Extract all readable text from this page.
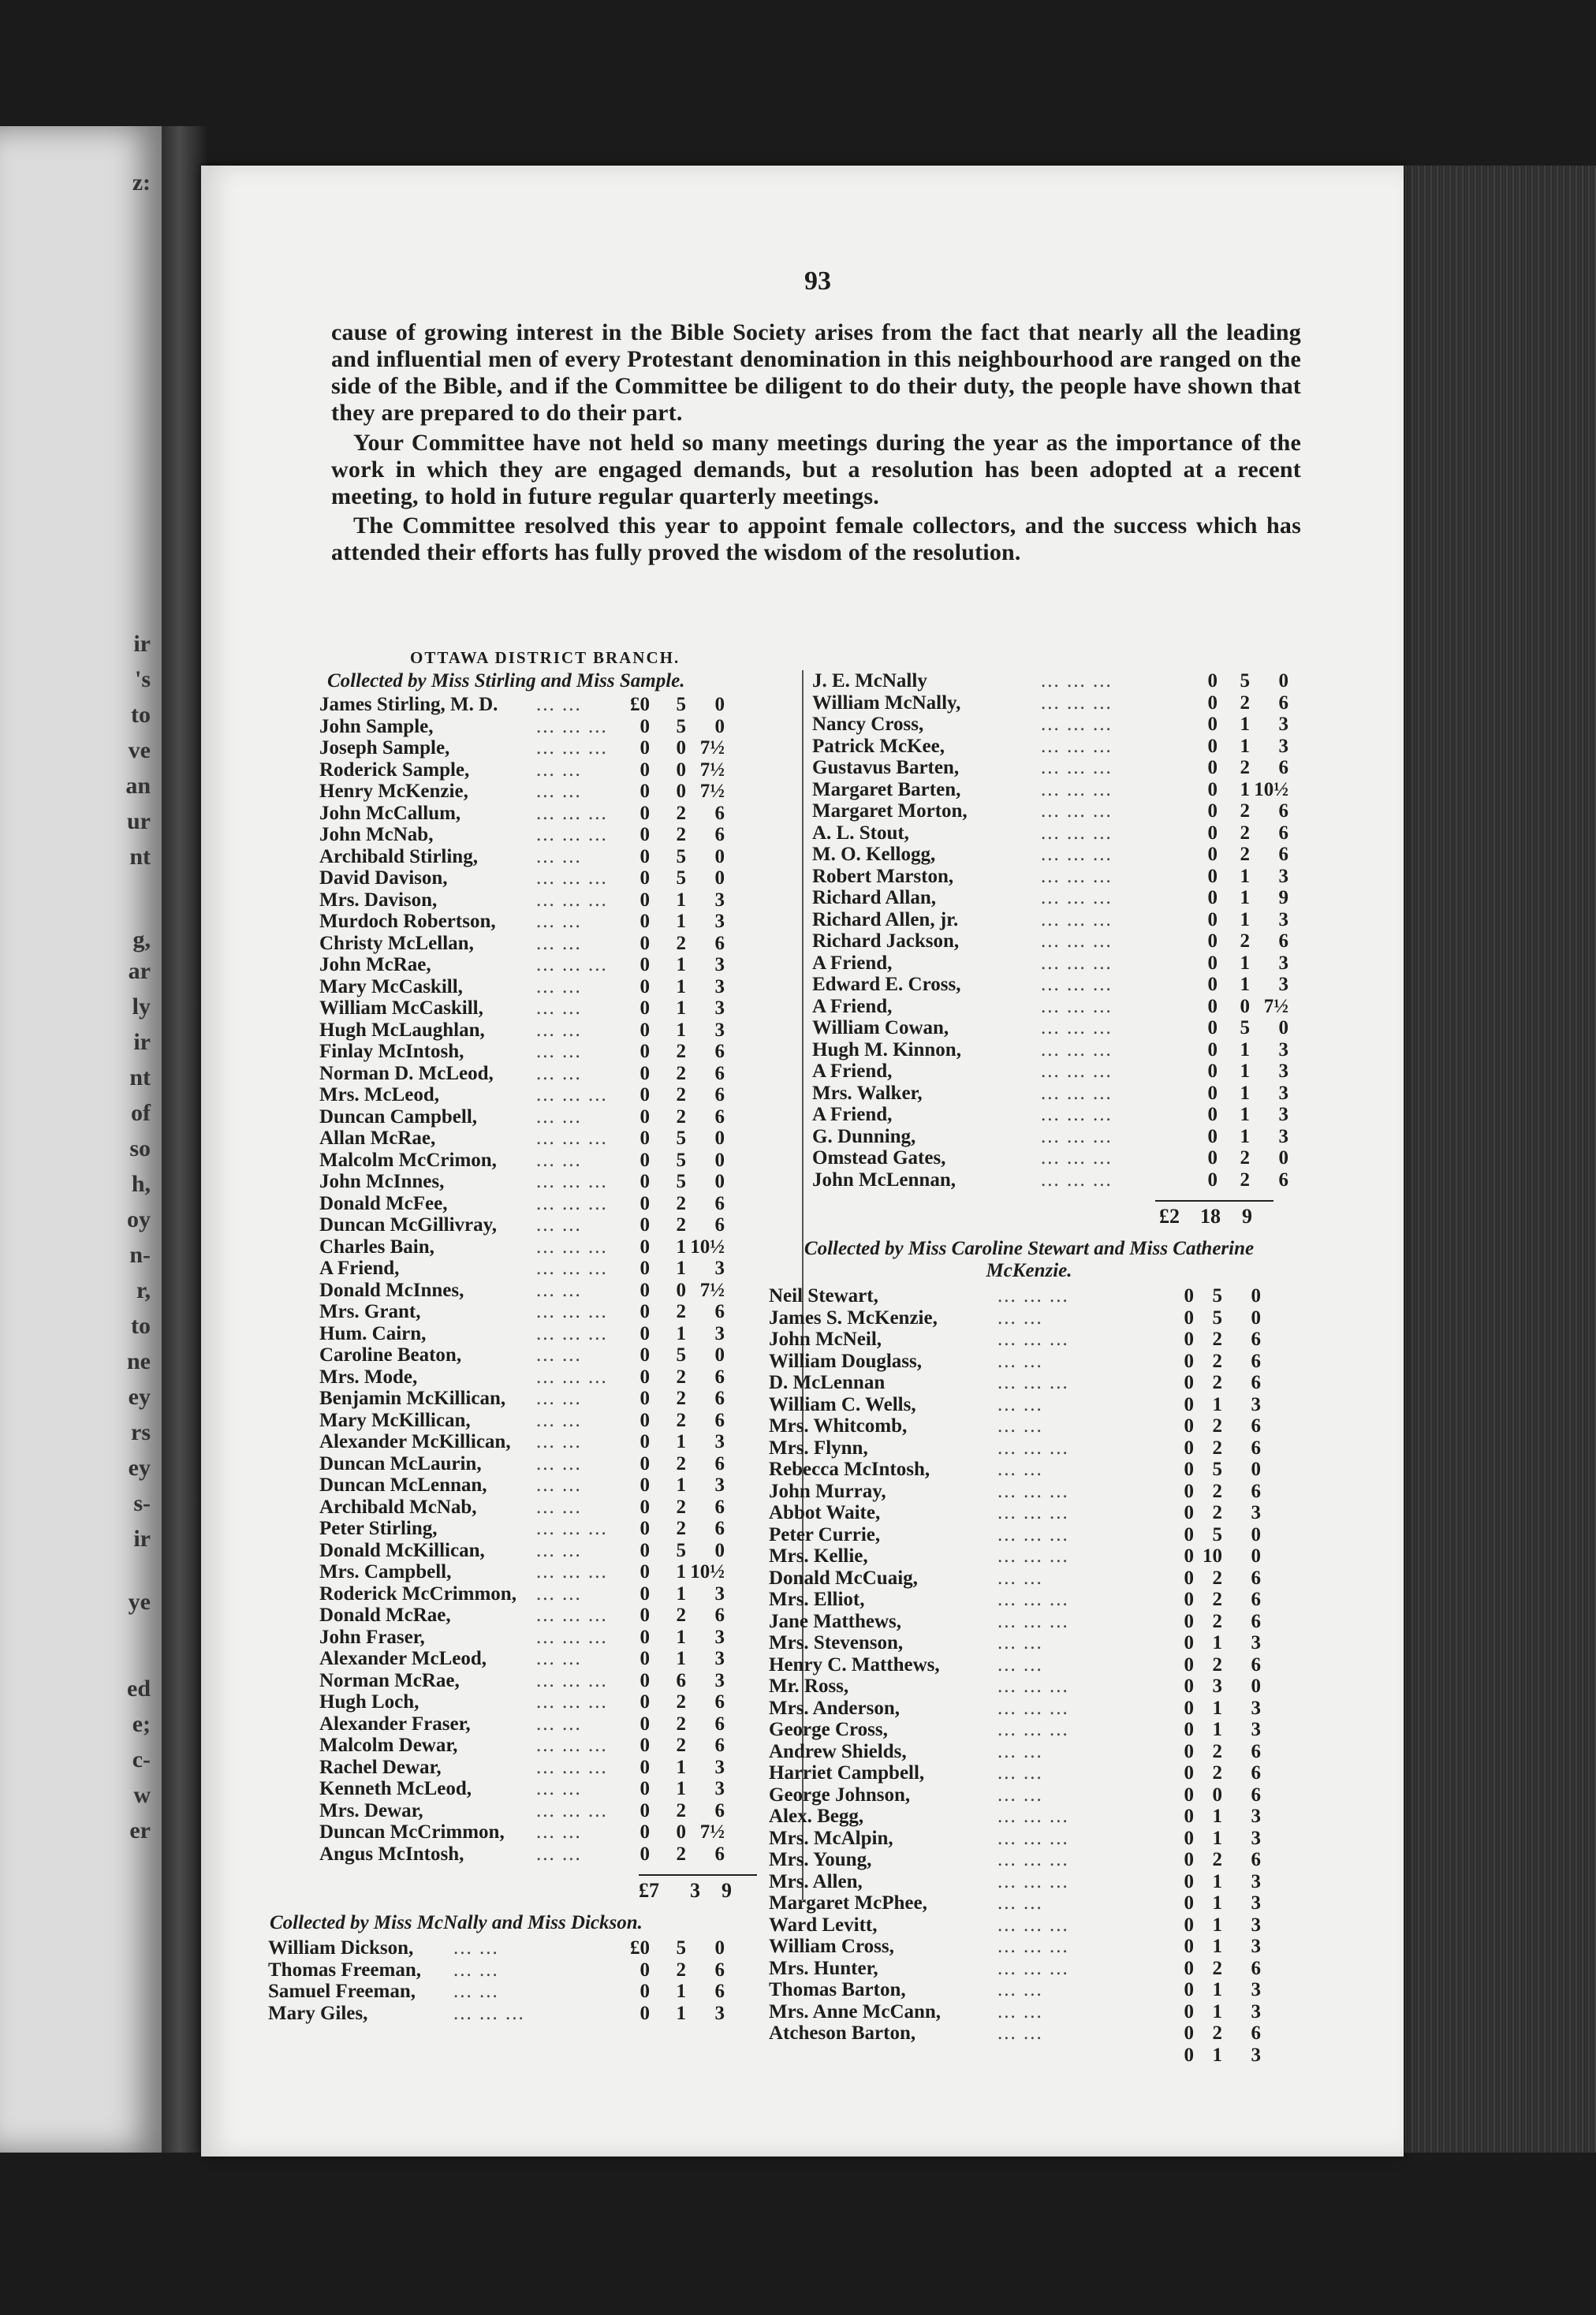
z:
ir
's
to
ve
an
ur
nt
g,
ar
ly
ir
nt
of
so
h,
oy
n-
r,
to
ne
ey
rs
ey
s-
ir
ye
ed
e;
c-
w
er
93
cause of growing interest in the Bible Society arises from the fact that nearly all the leading and influential men of every Protestant denomination in this neighbourhood are ranged on the side of the Bible, and if the Committee be diligent to do their duty, the people have shown that they are prepared to do their part.
Your Committee have not held so many meetings during the year as the importance of the work in which they are engaged demands, but a resolution has been adopted at a recent meeting, to hold in future regular quarterly meetings.
The Committee resolved this year to appoint female collectors, and the success which has attended their efforts has fully proved the wisdom of the resolution.
OTTAWA DISTRICT BRANCH.
Collected by Miss Stirling and Miss Sample.
James Stirling, M. D. ... ...	£0	5	0
John Sample,	... ... ...	0	5	0
Joseph Sample,	... ... ...	0	0 7½
Roderick Sample,	... ...	0	0 7½
Henry McKenzie,	... ...	0	0 7½
John McCallum,	... ... ...	0	2	6
John McNab,	... ... ...	0	2	6
Archibald Stirling,	... ...	0	5	0
David Davison,	... ... ...	0	5	0
Mrs. Davison,	... ... ...	0	1	3
Murdoch Robertson, ... ...	0	1	3
Christy McLellan,	... ...	0	2	6
John McRae,	... ... ...	0	1	3
Mary McCaskill,	... ...	0	1	3
William McCaskill,	... ...	0	1	3
Hugh McLaughlan,	... ...	0	1	3
Finlay McIntosh,	... ...	0	2	6
Norman D. McLeod, ... ...	0	2	6
Mrs. McLeod,	... ... ...	0	2	6
Duncan Campbell,	... ...	0	2	6
Allan McRae,	... ... ...	0	5	0
Malcolm McCrimon, ... ...	0	5	0
John McInnes,	... ... ...	0	5	0
Donald McFee,	... ... ...	0	2	6
Duncan McGillivray, ... ...	0	2	6
Charles Bain,	... ... ...	0	1 10½
A Friend,	... ... ...	0	1	3
Donald McInnes,	... ...	0	0 7½
Mrs. Grant,	... ... ...	0	2	6
Hum. Cairn,	... ... ...	0	1	3
Caroline Beaton,	... ...	0	5	0
Mrs. Mode,	... ... ...	0	2	6
Benjamin McKillican, ... ...	0	2	6
Mary McKillican,	... ...	0	2	6
Alexander McKillican, ... ...	0	1	3
Duncan McLaurin,	... ...	0	2	6
Duncan McLennan, ... ...	0	1	3
Archibald McNab,	... ...	0	2	6
Peter Stirling,	... ... ...	0	2	6
Donald McKillican,	... ...	0	5	0
Mrs. Campbell,	... ... ...	0	1 10½
Roderick McCrimmon, ... ...	0	1	3
Donald McRae,	... ... ...	0	2	6
John Fraser,	... ... ...	0	1	3
Alexander McLeod,	... ...	0	1	3
Norman McRae,	... ... ...	0	6	3
Hugh Loch,	... ... ...	0	2	6
Alexander Fraser,	... ...	0	2	6
Malcolm Dewar,	... ... ...	0	2	6
Rachel Dewar,	... ... ...	0	1	3
Kenneth McLeod,	... ...	0	1	3
Mrs. Dewar,	... ... ...	0	2	6
Duncan McCrimmon, ... ...	0	0 7½
Angus McIntosh,	... ...	0	2	6
£7 3 9
Collected by Miss McNally and Miss Dickson.
William Dickson, ... ...	£0	5	0
Thomas Freeman, ... ...	0	2	6
Samuel Freeman, ... ...	0	1	6
Mary Giles,	... ... ...	0	1	3
J. E. McNally	... ... ...	0	5	0
William McNally,	... ... ...	0	2	6
Nancy Cross,	... ... ...	0	1	3
Patrick McKee,	... ... ...	0	1	3
Gustavus Barten,	... ... ...	0	2	6
Margaret Barten,	... ... ...	0	1 10½
Margaret Morton,	... ... ...	0	2	6
A. L. Stout,	... ... ...	0	2	6
M. O. Kellogg,	... ... ...	0	2	6
Robert Marston,	... ... ...	0	1	3
Richard Allan,	... ... ...	0	1	9
Richard Allen, jr.	... ... ...	0	1	3
Richard Jackson,	... ... ...	0	2	6
A Friend,	... ... ...	0	1	3
Edward E. Cross,	... ... ...	0	1	3
A Friend,	... ... ...	0	0 7½
William Cowan,	... ... ...	0	5	0
Hugh M. Kinnon,	... ... ...	0	1	3
A Friend,	... ... ...	0	1	3
Mrs. Walker,	... ... ...	0	1	3
A Friend,	... ... ...	0	1	3
G. Dunning,	... ... ...	0	1	3
Omstead Gates,	... ... ...	0	2	0
John McLennan,	... ... ...	0	2	6
£2 18 9
Collected by Miss Caroline Stewart and Miss Catherine McKenzie.
Neil Stewart,	... ... ...	0 5	0
James S. McKenzie,	... ...	0 5	0
John McNeil,	... ... ...	0 2	6
William Douglass,	... ...	0 2	6
D. McLennan	... ... ...	0 2	6
William C. Wells,	... ...	0 1	3
Mrs. Whitcomb,	... ...	0 2	6
Mrs. Flynn,	... ... ...	0 2	6
Rebecca McIntosh,	... ...	0 5	0
John Murray,	... ... ...	0 2	6
Abbot Waite,	... ... ...	0 2	3
Peter Currie,	... ... ...	0 5	0
Mrs. Kellie,	... ... ...	0 10	0
Donald McCuaig,	... ...	0 2	6
Mrs. Elliot,	... ... ...	0 2	6
Jane Matthews,	... ... ...	0 2	6
Mrs. Stevenson,	... ...	0 1	3
Henry C. Matthews,	... ...	0 2	6
Mr. Ross,	... ... ...	0 3	0
Mrs. Anderson,	... ... ...	0 1	3
George Cross,	... ... ...	0 1	3
Andrew Shields,	... ...	0 2	6
Harriet Campbell,	... ...	0 2	6
George Johnson,	... ...	0 0	6
Alex. Begg,	... ... ...	0 1	3
Mrs. McAlpin,	... ... ...	0 1	3
Mrs. Young,	... ... ...	0 2	6
Mrs. Allen,	... ... ...	0 1	3
Margaret McPhee,	... ...	0 1	3
Ward Levitt,	... ... ...	0 1	3
William Cross,	... ... ...	0 1	3
Mrs. Hunter,	... ... ...	0 2	6
Thomas Barton,	... ...	0 1	3
Mrs. Anne McCann,	... ...	0 1	3
Atcheson Barton,	... ...	0 2	6
0 1	3
